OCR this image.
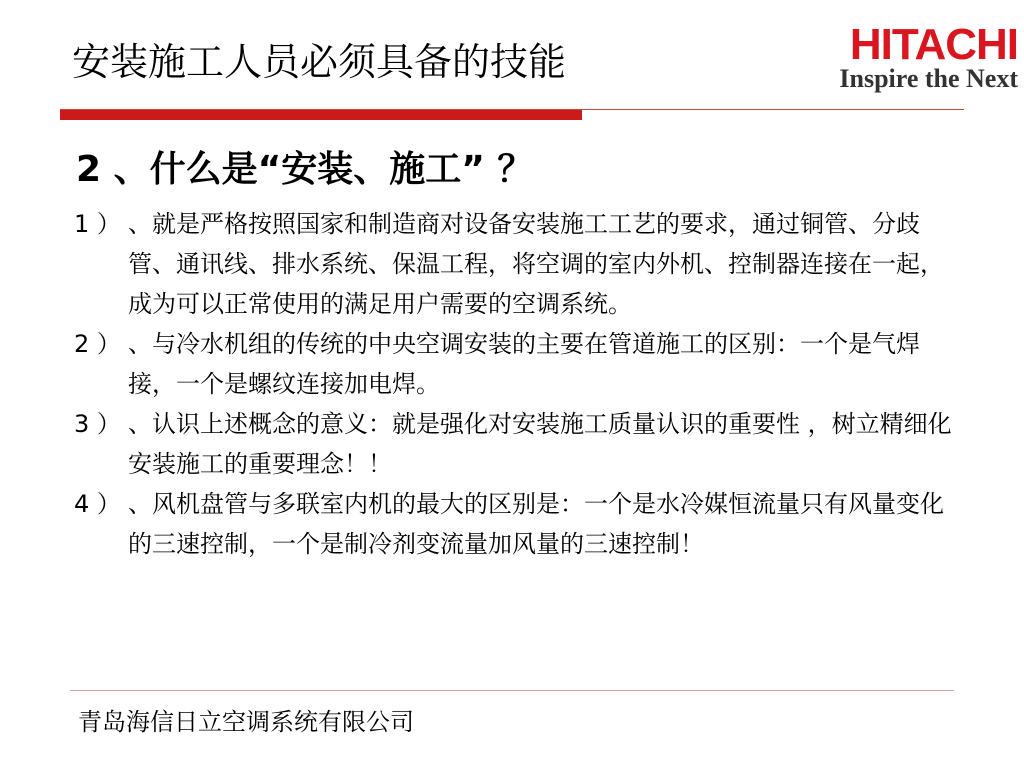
安装施工人员必须具备的技能	HITACHI
Inspire the Next
2 、什么是“安装、施工” ？
1 ） 、就是严格按照国家和制造商对设备安装施工工艺的要求，通过铜管、分歧管、通讯线、排水系统、保温工程，将空调的室内外机、控制器连接在一起，成为可以正常使用的满足用户需要的空调系统。
2 ） 、与冷水机组的传统的中央空调安装的主要在管道施工的区别：一个是气焊接，一个是螺纹连接加电焊。
3 ） 、认识上述概念的意义：就是强化对安装施工质量认识的重要性 ，树立精细化安装施工的重要理念！！
4 ） 、风机盘管与多联室内机的最大的区别是：一个是水冷媒恒流量只有风量变化的三速控制，一个是制冷剂变流量加风量的三速控制！
青岛海信日立空调系统有限公司
